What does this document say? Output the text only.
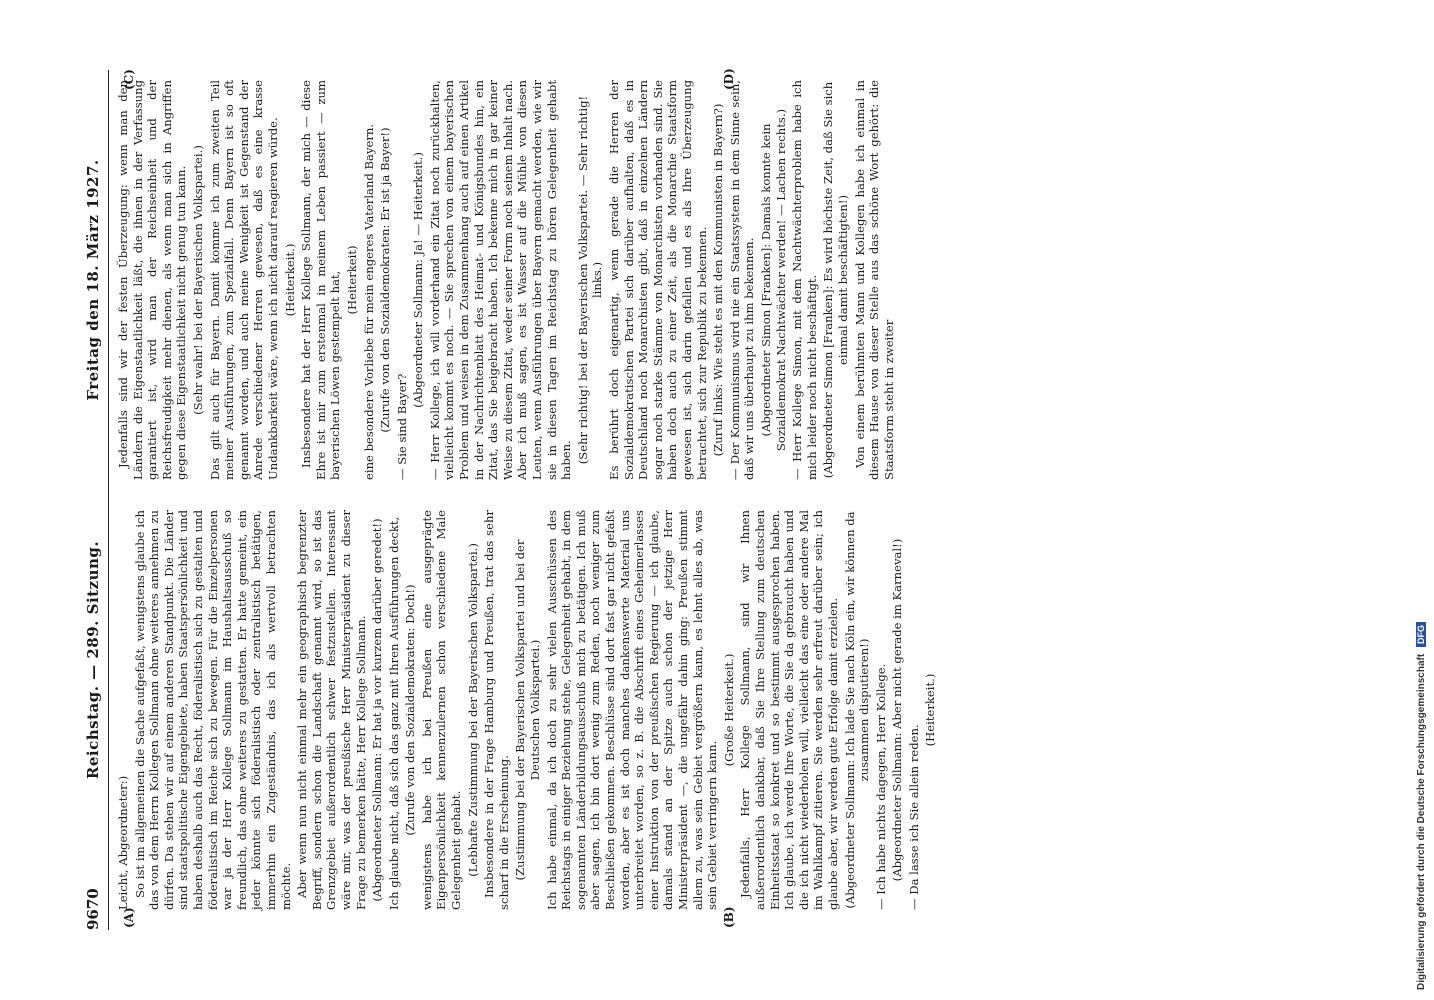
9670
Reichstag. — 289. Sitzung.
Freitag den 18. März 1927.
(A)	(B)
(C)	(D)

Leicht, Abgeordneter:) So ist im allgemeinen die Sache aufgefaßt, wenigstens glaube ich das von dem Herrn Kollegen Sollmann ohne weiteres annehmen zu dürfen. Da stehen wir auf einem anderen Standpunkt. Die Länder sind staatspolitische Eigengebiete, haben Staatspersönlichkeit und haben deshalb auch das Recht, föderalistisch sich zu gestalten und föderalistisch im Reiche sich zu bewegen. Für die Einzelpersonen war ja der Herr Kollege Sollmann im Haushaltsausschuß so freundlich, das ohne weiteres zu gestatten. Er hatte gemeint, ein jeder könnte sich föderalistisch oder zentralistisch betätigen, immerhin ein Zugeständnis, das ich als wertvoll betrachten möchte. Aber wenn nun nicht einmal mehr ein geographisch begrenzter Begriff, sondern schon die Landschaft genannt wird, so ist das Grenzgebiet außerordentlich schwer festzustellen. Interessant wäre mir, was der preußische Herr Ministerpräsident zu dieser Frage zu bemerken hätte, Herr Kollege Sollmann. (Abgeordneter Sollmann: Er hat ja vor kurzem darüber geredet!) Ich glaube nicht, daß sich das ganz mit Ihren Ausführungen deckt, (Zurufe von den Sozialdemokraten: Doch!) wenigstens habe ich bei Preußen eine ausgeprägte Eigenpersönlichkeit kennenzulernen schon verschiedene Male Gelegenheit gehabt. (Lebhafte Zustimmung bei der Bayerischen Volkspartei.) Insbesondere in der Frage Hamburg und Preußen, trat das sehr scharf in die Erscheinung. (Zustimmung bei der Bayerischen Volkspartei und bei der Deutschen Volkspartei.) Ich habe einmal, da ich doch zu sehr vielen Ausschüssen des Reichstags in einiger Beziehung stehe, Gelegenheit gehabt, in dem sogenannten Länderbildungsausschuß mich zu betätigen. Ich muß aber sagen, ich bin dort wenig zum Reden, noch weniger zum Beschließen gekommen. Beschlüsse sind dort fast gar nicht gefaßt worden, aber es ist doch manches dankenswerte Material uns unterbreitet worden, so z. B. die Abschrift eines Geheimerlasses einer Instruktion von der preußischen Regierung — ich glaube, damals stand an der Spitze auch schon der jetzige Herr Ministerpräsident —, die ungefähr dahin ging: Preußen stimmt allem zu, was sein Gebiet vergrößern kann, es lehnt alles ab, was sein Gebiet verringern kann.

(Große Heiterkeit.) Jedenfalls, Herr Kollege Sollmann, sind wir Ihnen außerordentlich dankbar, daß Sie Ihre Stellung zum deutschen Einheitsstaat so konkret und so bestimmt ausgesprochen haben. Ich glaube, ich werde Ihre Worte, die Sie da gebraucht haben und die ich nicht wiederholen will, vielleicht das eine oder andere Mal im Wahlkampf zitieren. Sie werden sehr erfreut darüber sein; ich glaube aber, wir werden gute Erfolge damit erzielen. (Abgeordneter Sollmann: Ich lade Sie nach Köln ein, wir können da zusammen disputieren!) — Ich habe nichts dagegen, Herr Kollege. (Abgeordneter Sollmann: Aber nicht gerade im Karneval!) — Da lasse ich Sie allein reden.

(Heiterkeit.)

Jedenfalls sind wir der festen Überzeugung: wenn man den Ländern die Eigenstaatlichkeit läßt, die ihnen in der Verfassung garantiert ist, wird man der Reichseinheit und der Reichsfreudigkeit mehr dienen, als wenn man sich in Angriffen gegen diese Eigenstaatlichkeit nicht genug tun kann. (Sehr wahr! bei der Bayerischen Volkspartei.) Das gilt auch für Bayern. Damit komme ich zum zweiten Teil meiner Ausführungen, zum Spezialfall. Denn Bayern ist so oft genannt worden, und auch meine Wenigkeit ist Gegenstand der Anrede verschiedener Herren gewesen, daß es eine krasse Undankbarkeit wäre, wenn ich nicht darauf reagieren würde. (Heiterkeit.) Insbesondere hat der Herr Kollege Sollmann, der mich — diese Ehre ist mir zum erstenmal in meinem Leben passiert — zum bayerischen Löwen gestempelt hat, (Heiterkeit) eine besondere Vorliebe für mein engeres Vaterland Bayern. (Zurufe von den Sozialdemokraten: Er ist ja Bayer!) — Sie sind Bayer?

(Abgeordneter Sollmann: Ja! — Heiterkeit.) — Herr Kollege, ich will vorderhand ein Zitat noch zurückhalten, vielleicht kommt es noch. — Sie sprechen von einem bayerischen Problem und weisen in dem Zusammenhang auch auf einen Artikel in der Nachrichtenblatt des Heimat- und Königsbundes hin, ein Zitat, das Sie beigebracht haben. Ich bekenne mich in gar keiner Weise zu diesem Zitat, weder seiner Form noch seinem Inhalt nach. Aber ich muß sagen, es ist Wasser auf die Mühle von diesen Leuten, wenn Ausführungen über Bayern gemacht werden, wie wir sie in diesen Tagen im Reichstag zu hören Gelegenheit gehabt haben. (Sehr richtig! bei der Bayerischen Volkspartei. — Sehr richtig! links.) Es berührt doch eigenartig, wenn gerade die Herren der Sozialdemokratischen Partei sich darüber aufhalten, daß es in Deutschland noch Monarchisten gibt, daß in einzelnen Ländern sogar noch starke Stämme von Monarchisten vorhanden sind. Sie haben doch auch zu einer Zeit, als die Monarchie Staatsform gewesen ist, sich darin gefallen und es als Ihre Überzeugung betrachtet, sich zur Republik zu bekennen. (Zuruf links: Wie steht es mit den Kommunisten in Bayern?) — Der Kommunismus wird nie ein Staatssystem in dem Sinne sein, daß wir uns überhaupt zu ihm bekennen. (Abgeordneter Simon [Franken]: Damals konnte kein Sozialdemokrat Nachtwächter werden! — Lachen rechts.) — Herr Kollege Simon, mit dem Nachtwächterproblem habe ich mich leider noch nicht beschäftigt. (Abgeordneter Simon [Franken]: Es wird höchste Zeit, daß Sie sich einmal damit beschäftigten!) Von einem berühmten Mann und Kollegen habe ich einmal in diesem Hause von dieser Stelle aus das schöne Wort gehört: die Staatsform steht in zweiter

Digitalisierung gefördert durch die Deutsche Forschungsgemeinschaft DFG
